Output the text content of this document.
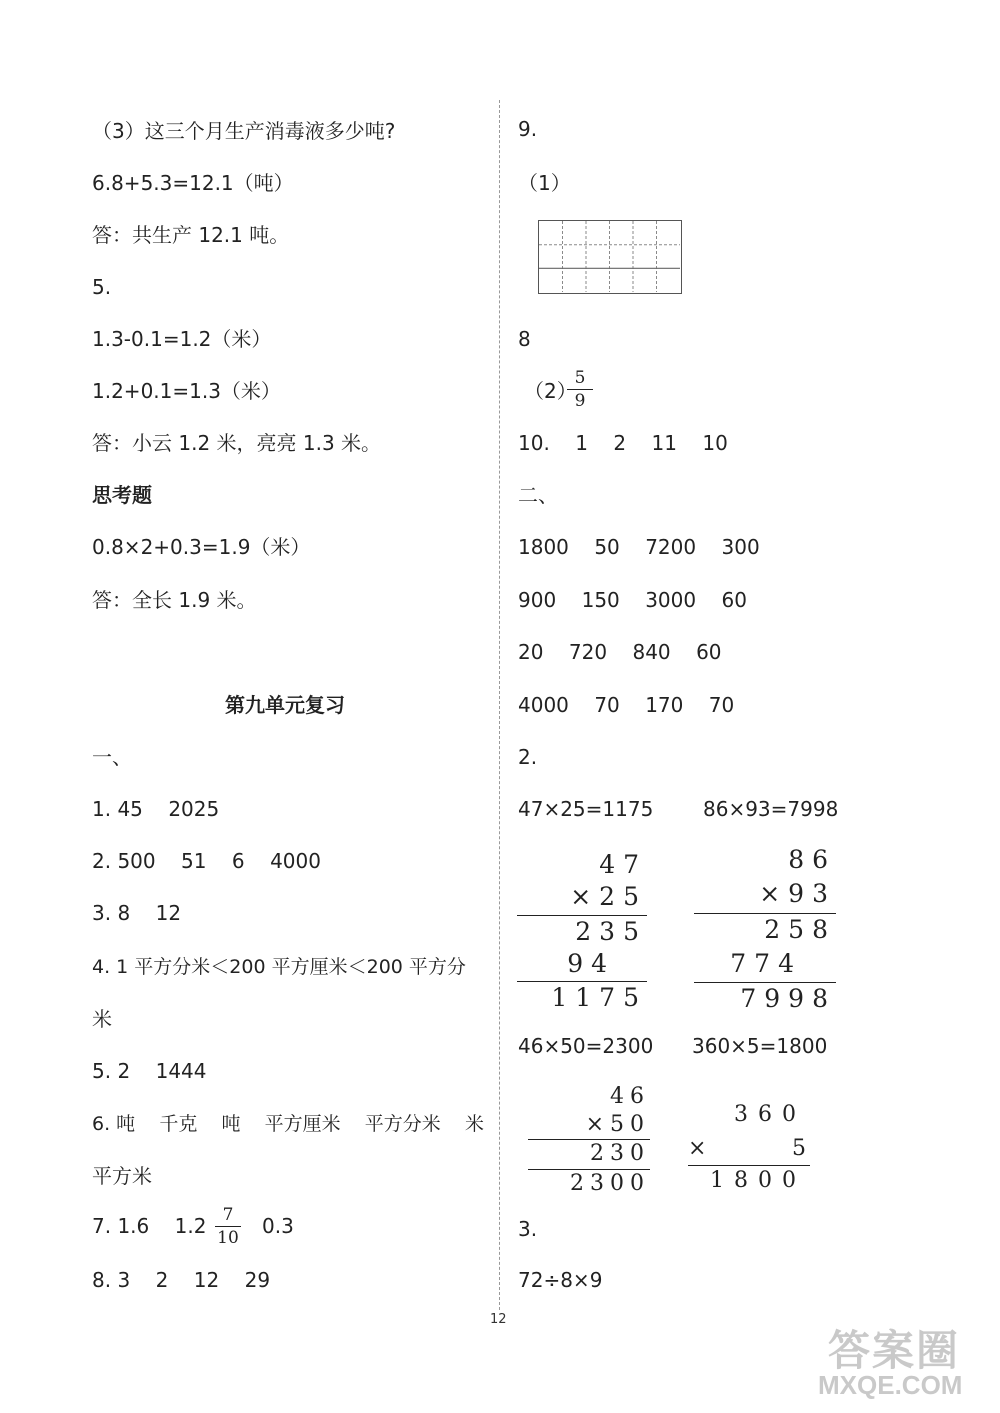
（3）这三个月生产消毒液多少吨?
6.8+5.3=12.1（吨）
答：共生产 12.1 吨。
5.
1.3-0.1=1.2（米）
1.2+0.1=1.3（米）
答：小云 1.2 米，亮亮 1.3 米。
思考题
0.8×2+0.3=1.9（米）
答：全长 1.9 米。
第九单元复习
一、
1. 45    2025
2. 500    51    6    4000
3. 8    12
4. 1 平方分米＜200 平方厘米＜200 平方分
米
5. 2    1444
6. 吨    千克    吨    平方厘米    平方分米    米
平方米
7. 1.6    1.2 7
10 0.3
8. 3    2    12    29
9.
（1）
8
（2）
5
9
10.    1    2    11    10
二、
1800    50    7200    300
900    150    3000    60
20    720    840    60
4000    70    170    70
2.
47×25=1175 86×93=7998
47
×25
235
94
1175
86
×93
258
774
7998
46×50=2300 360×5=1800
46
×50
230
2300
360
×	5
1800
3.
72÷8×9
12
答案圈
MXQE.COM
